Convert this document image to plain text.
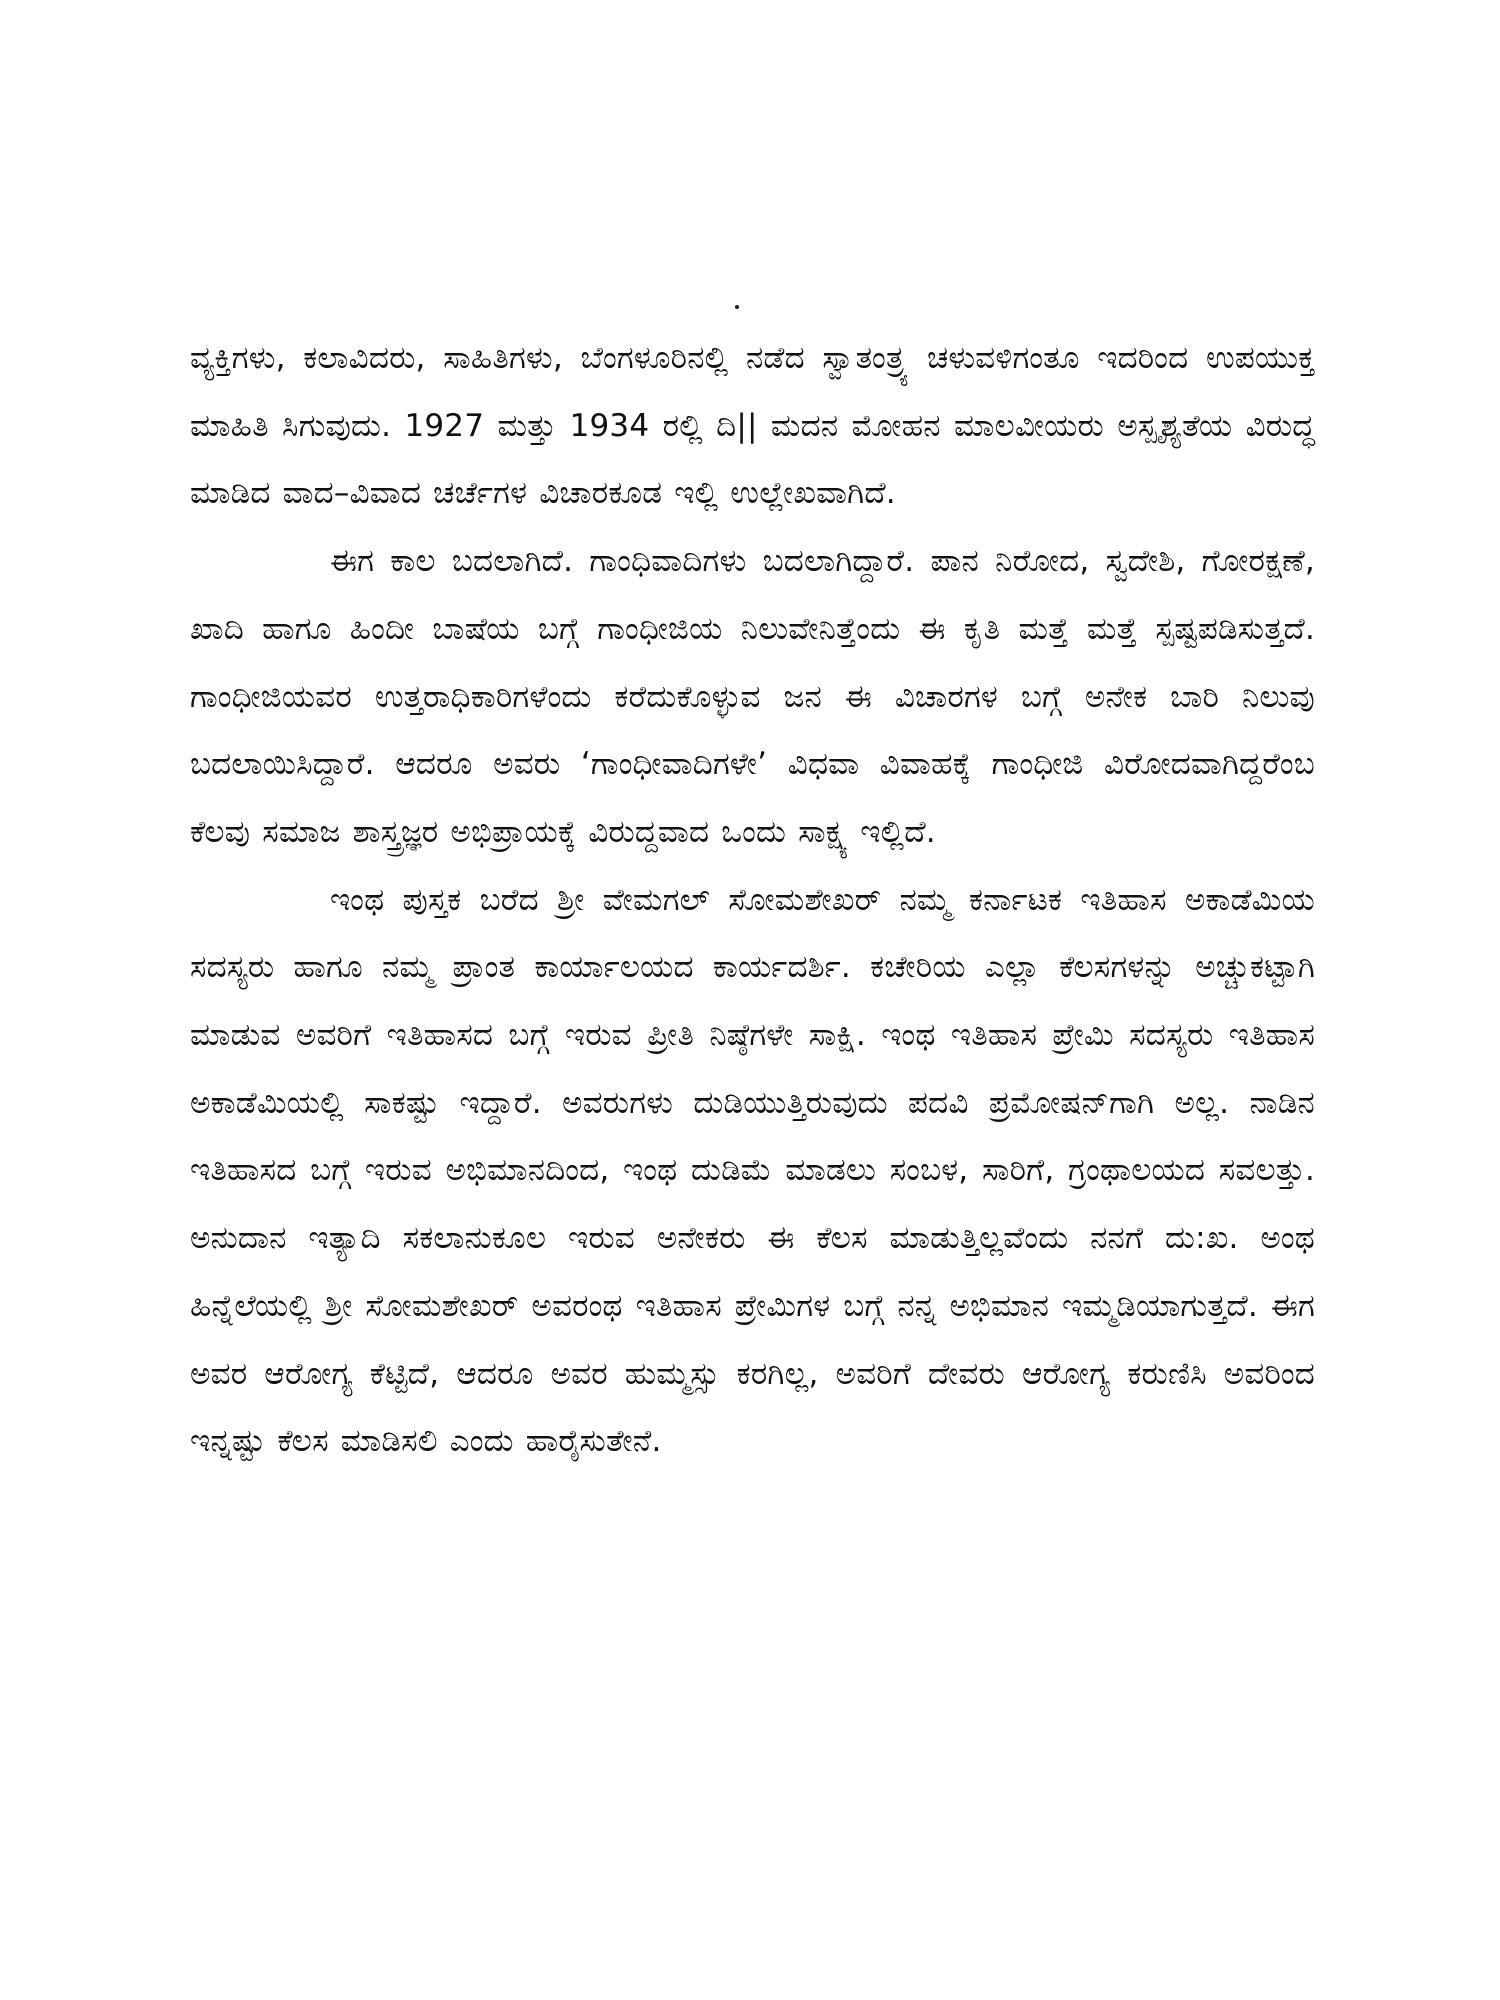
ವ್ಯಕ್ತಿಗಳು, ಕಲಾವಿದರು, ಸಾಹಿತಿಗಳು, ಬೆಂಗಳೂರಿನಲ್ಲಿ ನಡೆದ ಸ್ವಾತಂತ್ರ್ಯ ಚಳುವಳಿಗಂತೂ ಇದರಿಂದ ಉಪಯುಕ್ತ ಮಾಹಿತಿ ಸಿಗುವುದು. 1927 ಮತ್ತು 1934 ರಲ್ಲಿ ದಿ|| ಮದನ ಮೋಹನ ಮಾಲವೀಯರು ಅಸ್ಪೃಶ್ಯತೆಯ ವಿರುದ್ಧ ಮಾಡಿದ ವಾದ–ವಿವಾದ ಚರ್ಚೆಗಳ ವಿಚಾರಕೂಡ ಇಲ್ಲಿ ಉಲ್ಲೇಖವಾಗಿದೆ.

ಈಗ ಕಾಲ ಬದಲಾಗಿದೆ. ಗಾಂಧಿವಾದಿಗಳು ಬದಲಾಗಿದ್ದಾರೆ. ಪಾನ ನಿರೋದ, ಸ್ವದೇಶಿ, ಗೋರಕ್ಷಣೆ, ಖಾದಿ ಹಾಗೂ ಹಿಂದೀ ಬಾಷೆಯ ಬಗ್ಗೆ ಗಾಂಧೀಜಿಯ ನಿಲುವೇನಿತ್ತೆಂದು ಈ ಕೃತಿ ಮತ್ತೆ ಮತ್ತೆ ಸ್ಪಷ್ಟಪಡಿಸುತ್ತದೆ. ಗಾಂಧೀಜಿಯವರ ಉತ್ತರಾಧಿಕಾರಿಗಳೆಂದು ಕರೆದುಕೊಳ್ಳುವ ಜನ ಈ ವಿಚಾರಗಳ ಬಗ್ಗೆ ಅನೇಕ ಬಾರಿ ನಿಲುವು ಬದಲಾಯಿಸಿದ್ದಾರೆ. ಆದರೂ ಅವರು ‘ಗಾಂಧೀವಾದಿಗಳೇ’ ವಿಧವಾ ವಿವಾಹಕ್ಕೆ ಗಾಂಧೀಜಿ ವಿರೋದವಾಗಿದ್ದರೆಂಬ ಕೆಲವು ಸಮಾಜ ಶಾಸ್ತ್ರಜ್ಞರ ಅಭಿಪ್ರಾಯಕ್ಕೆ ವಿರುದ್ದವಾದ ಒಂದು ಸಾಕ್ಷ್ಯ ಇಲ್ಲಿದೆ.

ಇಂಥ ಪುಸ್ತಕ ಬರೆದ ಶ್ರೀ ವೇಮಗಲ್ ಸೋಮಶೇಖರ್ ನಮ್ಮ ಕರ್ನಾಟಕ ಇತಿಹಾಸ ಅಕಾಡೆಮಿಯ ಸದಸ್ಯರು ಹಾಗೂ ನಮ್ಮ ಪ್ರಾಂತ ಕಾರ್ಯಾಲಯದ ಕಾರ್ಯದರ್ಶಿ. ಕಚೇರಿಯ ಎಲ್ಲಾ ಕೆಲಸಗಳನ್ನು ಅಚ್ಚುಕಟ್ಟಾಗಿ ಮಾಡುವ ಅವರಿಗೆ ಇತಿಹಾಸದ ಬಗ್ಗೆ ಇರುವ ಪ್ರೀತಿ ನಿಷ್ಠೆಗಳೇ ಸಾಕ್ಷಿ. ಇಂಥ ಇತಿಹಾಸ ಪ್ರೇಮಿ ಸದಸ್ಯರು ಇತಿಹಾಸ ಅಕಾಡೆಮಿಯಲ್ಲಿ ಸಾಕಷ್ಟು ಇದ್ದಾರೆ. ಅವರುಗಳು ದುಡಿಯುತ್ತಿರುವುದು ಪದವಿ ಪ್ರಮೋಷನ್‌ಗಾಗಿ ಅಲ್ಲ. ನಾಡಿನ ಇತಿಹಾಸದ ಬಗ್ಗೆ ಇರುವ ಅಭಿಮಾನದಿಂದ, ಇಂಥ ದುಡಿಮೆ ಮಾಡಲು ಸಂಬಳ, ಸಾರಿಗೆ, ಗ್ರಂಥಾಲಯದ ಸವಲತ್ತು. ಅನುದಾನ ಇತ್ಯಾದಿ ಸಕಲಾನುಕೂಲ ಇರುವ ಅನೇಕರು ಈ ಕೆಲಸ ಮಾಡುತ್ತಿಲ್ಲವೆಂದು ನನಗೆ ದು:ಖ. ಅಂಥ ಹಿನ್ನೆಲೆಯಲ್ಲಿ ಶ್ರೀ ಸೋಮಶೇಖರ್ ಅವರಂಥ ಇತಿಹಾಸ ಪ್ರೇಮಿಗಳ ಬಗ್ಗೆ ನನ್ನ ಅಭಿಮಾನ ಇಮ್ಮಡಿಯಾಗುತ್ತದೆ. ಈಗ ಅವರ ಆರೋಗ್ಯ ಕೆಟ್ಟಿದೆ, ಆದರೂ ಅವರ ಹುಮ್ಮಸ್ಸು ಕರಗಿಲ್ಲ, ಅವರಿಗೆ ದೇವರು ಆರೋಗ್ಯ ಕರುಣಿಸಿ ಅವರಿಂದ ಇನ್ನಷ್ಟು ಕೆಲಸ ಮಾಡಿಸಲಿ ಎಂದು ಹಾರೈಸುತೇನೆ.
